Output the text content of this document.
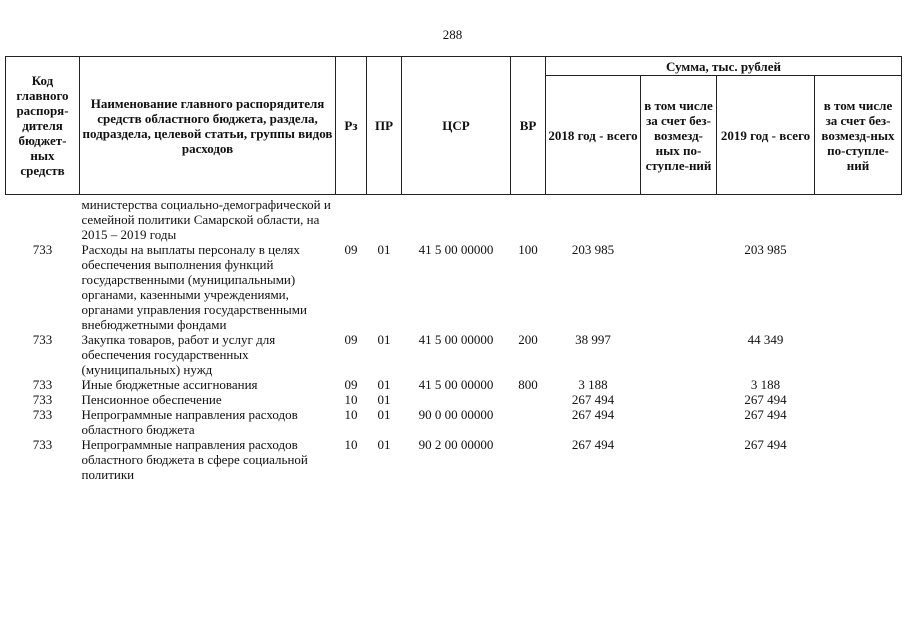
288
Код главного распоря-дителя бюджет-ных средств	Наименование главного распорядителя средств областного бюджета, раздела, подраздела, целевой статьи, группы видов расходов	Рз	ПР	ЦСР	ВР	Сумма, тыс. рублей			
						2018 год - всего	в том числе за счет без-возмезд-ных по-ступле-ний	2019 год - всего	в том числе за счет без-возмезд-ных по-ступле-ний
	министерства социально-демографической и семейной политики Самарской области, на 2015 – 2019 годы								
733	Расходы на выплаты персоналу в целях обеспечения выполнения функций государственными (муниципальными) органами, казенными учреждениями, органами управления государственными внебюджетными фондами	09	01	41 5 00 00000	100	203 985		203 985	
733	Закупка товаров, работ и услуг для обеспечения государственных (муниципальных) нужд	09	01	41 5 00 00000	200	38 997		44 349	
733	Иные бюджетные ассигнования	09	01	41 5 00 00000	800	3 188		3 188	
733	Пенсионное обеспечение	10	01			267 494		267 494	
733	Непрограммные направления расходов областного бюджета	10	01	90 0 00 00000		267 494		267 494	
733	Непрограммные направления расходов областного бюджета в сфере социальной политики	10	01	90 2 00 00000		267 494		267 494	
